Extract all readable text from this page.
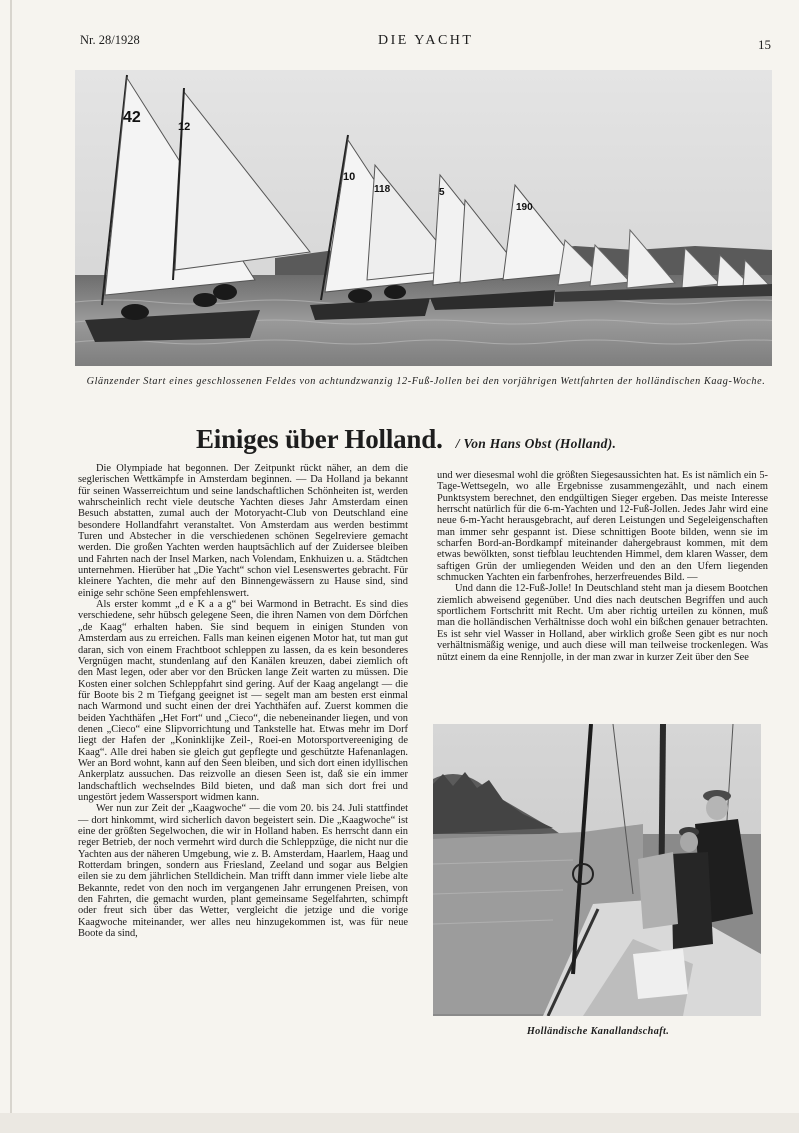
Nr. 28/1928	DIE YACHT	15
42
12
10
118	5
190
Glänzender Start eines geschlossenen Feldes von achtundzwanzig 12-Fuß-Jollen bei den vorjährigen Wettfahrten der holländischen Kaag-Woche.
Einiges über Holland. / Von Hans Obst (Holland).

Die Olympiade hat begonnen. Der Zeitpunkt rückt näher, an dem die seglerischen Wettkämpfe in Amsterdam beginnen. — Da Holland ja bekannt für seinen Wasserreichtum und seine landschaftlichen Schönheiten ist, werden wahrscheinlich recht viele deutsche Yachten dieses Jahr Amsterdam einen Besuch abstatten, zumal auch der Motoryacht-Club von Deutschland eine besondere Hollandfahrt veranstaltet. Von Amsterdam aus werden bestimmt Turen und Abstecher in die verschiedenen schönen Segelreviere gemacht werden. Die großen Yachten werden hauptsächlich auf der Zuidersee bleiben und Fahrten nach der Insel Marken, nach Volendam, Enkhuizen u. a. Städtchen unternehmen. Hierüber hat „Die Yacht“ schon viel Lesenswertes gebracht. Für kleinere Yachten, die mehr auf den Binnengewässern zu Hause sind, sind einige sehr schöne Seen empfehlenswert.

Als erster kommt „d e K a a g“ bei Warmond in Betracht. Es sind dies verschiedene, sehr hübsch gelegene Seen, die ihren Namen von dem Dörfchen „de Kaag“ erhalten haben. Sie sind bequem in einigen Stunden von Amsterdam aus zu erreichen. Falls man keinen eigenen Motor hat, tut man gut daran, sich von einem Frachtboot schleppen zu lassen, da es kein besonderes Vergnügen macht, stundenlang auf den Kanälen kreuzen, dabei ziemlich oft den Mast legen, oder aber vor den Brücken lange Zeit warten zu müssen. Die Kosten einer solchen Schleppfahrt sind gering. Auf der Kaag angelangt — die für Boote bis 2 m Tiefgang geeignet ist — segelt man am besten erst einmal nach Warmond und sucht einen der drei Yachthäfen auf. Zuerst kommen die beiden Yachthäfen „Het Fort“ und „Cieco“, die nebeneinander liegen, und von denen „Cieco“ eine Slipvorrichtung und Tankstelle hat. Etwas mehr im Dorf liegt der Hafen der „Koninklijke Zeil-, Roei-en Motorsportvereeniging de Kaag“. Alle drei haben sie gleich gut gepflegte und geschützte Hafenanlagen. Wer an Bord wohnt, kann auf den Seen bleiben, und sich dort einen idyllischen Ankerplatz aussuchen. Das reizvolle an diesen Seen ist, daß sie ein immer landschaftlich wechselndes Bild bieten, und daß man sich dort frei und ungestört jedem Wassersport widmen kann.

Wer nun zur Zeit der „Kaagwoche“ — die vom 20. bis 24. Juli stattfindet — dort hinkommt, wird sicherlich davon begeistert sein. Die „Kaagwoche“ ist eine der größten Segelwochen, die wir in Holland haben. Es herrscht dann ein reger Betrieb, der noch vermehrt wird durch die Schleppzüge, die nicht nur die Yachten aus der näheren Umgebung, wie z. B. Amsterdam, Haarlem, Haag und Rotterdam bringen, sondern aus Friesland, Zeeland und sogar aus Belgien eilen sie zu dem jährlichen Stelldichein. Man trifft dann immer viele liebe alte Bekannte, redet von den noch im vergangenen Jahr errungenen Preisen, von den Fahrten, die gemacht wurden, plant gemeinsame Segelfahrten, schimpft oder freut sich über das Wetter, vergleicht die jetzige und die vorige Kaagwoche miteinander, wer alles neu hinzugekommen ist, was für neue Boote da sind,

und wer diesesmal wohl die größten Siegesaussichten hat. Es ist nämlich ein 5-Tage-Wettsegeln, wo alle Ergebnisse zusammengezählt, und nach einem Punktsystem berechnet, den endgültigen Sieger ergeben. Das meiste Interesse herrscht natürlich für die 6-m-Yachten und 12-Fuß-Jollen. Jedes Jahr wird eine neue 6-m-Yacht herausgebracht, auf deren Leistungen und Segeleigenschaften man immer sehr gespannt ist. Diese schnittigen Boote bilden, wenn sie im scharfen Bord-an-Bordkampf miteinander dahergebraust kommen, mit dem etwas bewölkten, sonst tiefblau leuchtenden Himmel, dem klaren Wasser, dem saftigen Grün der umliegenden Weiden und den an den Ufern liegenden schmucken Yachten ein farbenfrohes, herzerfreuendes Bild. —

Und dann die 12-Fuß-Jolle! In Deutschland steht man ja diesem Bootchen ziemlich abweisend gegenüber. Und dies nach deutschen Begriffen und auch sportlichem Fortschritt mit Recht. Um aber richtig urteilen zu können, muß man die holländischen Verhältnisse doch wohl ein bißchen genauer betrachten. Es ist sehr viel Wasser in Holland, aber wirklich große Seen gibt es nur noch verhältnismäßig wenige, und auch diese will man teilweise trockenlegen. Was nützt einem da eine Rennjolle, in der man zwar in kurzer Zeit über den See

Holländische Kanallandschaft.
